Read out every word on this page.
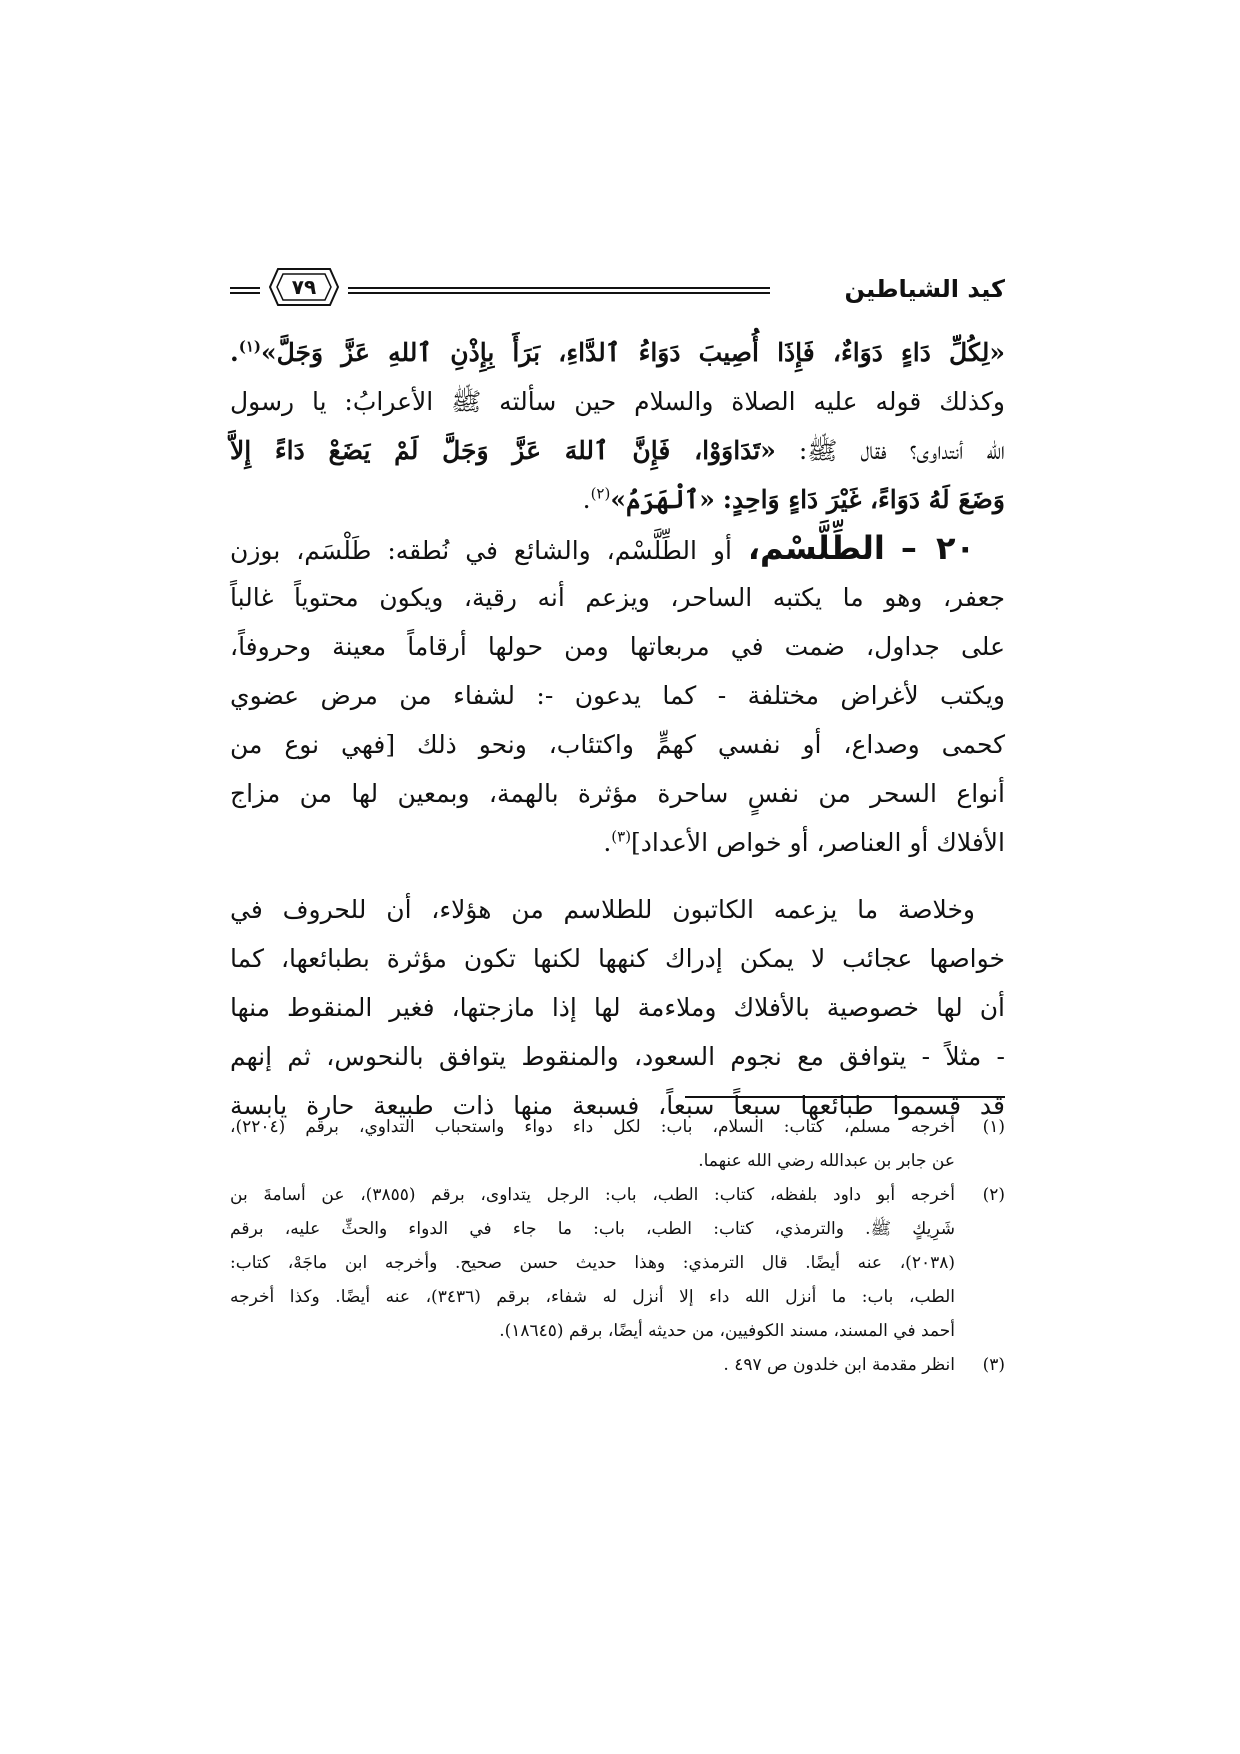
٧٩	كيد الشياطين
«لِكُلِّ دَاءٍ دَوَاءٌ، فَإِذَا أُصِيبَ دَوَاءُ ٱلدَّاءِ، بَرَأَ بِإِذْنِ ٱللهِ عَزَّ وَجَلَّ»$^{(١)}$.
وكذلك قوله عليه الصلاة والسلام حين سألته ﷺ الأعرابُ: يا رسول
الله أنتداوى؟ فقال ﷺ: «تَدَاوَوْا، فَإِنَّ ٱللهَ عَزَّ وَجَلَّ لَمْ يَضَعْ دَاءً إِلاَّ
وَضَعَ لَهُ دَوَاءً، غَيْرَ دَاءٍ وَاحِدٍ: «ٱلْهَرَمُ»$^{(٢)}$.
٢٠ – الطِّلَّسْم، أو الطِّلَّسْم، والشائع في نُطقه: طَلْسَم، بوزن
جعفر، وهو ما يكتبه الساحر، ويزعم أنه رقية، ويكون محتوياً غالباً
على جداول، ضمت في مربعاتها ومن حولها أرقاماً معينة وحروفاً،
ويكتب لأغراض مختلفة - كما يدعون -: لشفاء من مرض عضوي
كحمى وصداع، أو نفسي كهمٍّ واكتئاب، ونحو ذلك [فهي نوع من
أنواع السحر من نفسٍ ساحرة مؤثرة بالهمة، وبمعين لها من مزاج
الأفلاك أو العناصر، أو خواص الأعداد]$^{(٣)}$.
وخلاصة ما يزعمه الكاتبون للطلاسم من هؤلاء، أن للحروف في
خواصها عجائب لا يمكن إدراك كنهها لكنها تكون مؤثرة بطبائعها، كما
أن لها خصوصية بالأفلاك وملاءمة لها إذا مازجتها، فغير المنقوط منها
- مثلاً - يتوافق مع نجوم السعود، والمنقوط يتوافق بالنحوس، ثم إنهم
قد قسموا طبائعها سبعاً سبعاً، فسبعة منها ذات طبيعة حارة يابسة
(١)أخرجه مسلم، كتاب: السلام، باب: لكل داء دواء واستحباب التداوي، برقم (٢٢٠٤)،
عن جابر بن عبدالله رضي الله عنهما.
(٢)أخرجه أبو داود بلفظه، كتاب: الطب، باب: الرجل يتداوى، برقم (٣٨٥٥)، عن أسامةَ بن
شَرِيكٍ ﷺ. والترمذي، كتاب: الطب، باب: ما جاء في الدواء والحثِّ عليه، برقم
(٢٠٣٨)، عنه أيضًا. قال الترمذي: وهذا حديث حسن صحيح. وأخرجه ابن ماجَهْ، كتاب:
الطب، باب: ما أنزل الله داء إلا أنزل له شفاء، برقم (٣٤٣٦)، عنه أيضًا. وكذا أخرجه
أحمد في المسند، مسند الكوفيين، من حديثه أيضًا، برقم (١٨٦٤٥).
(٣)انظر مقدمة ابن خلدون ص ٤٩٧ .
